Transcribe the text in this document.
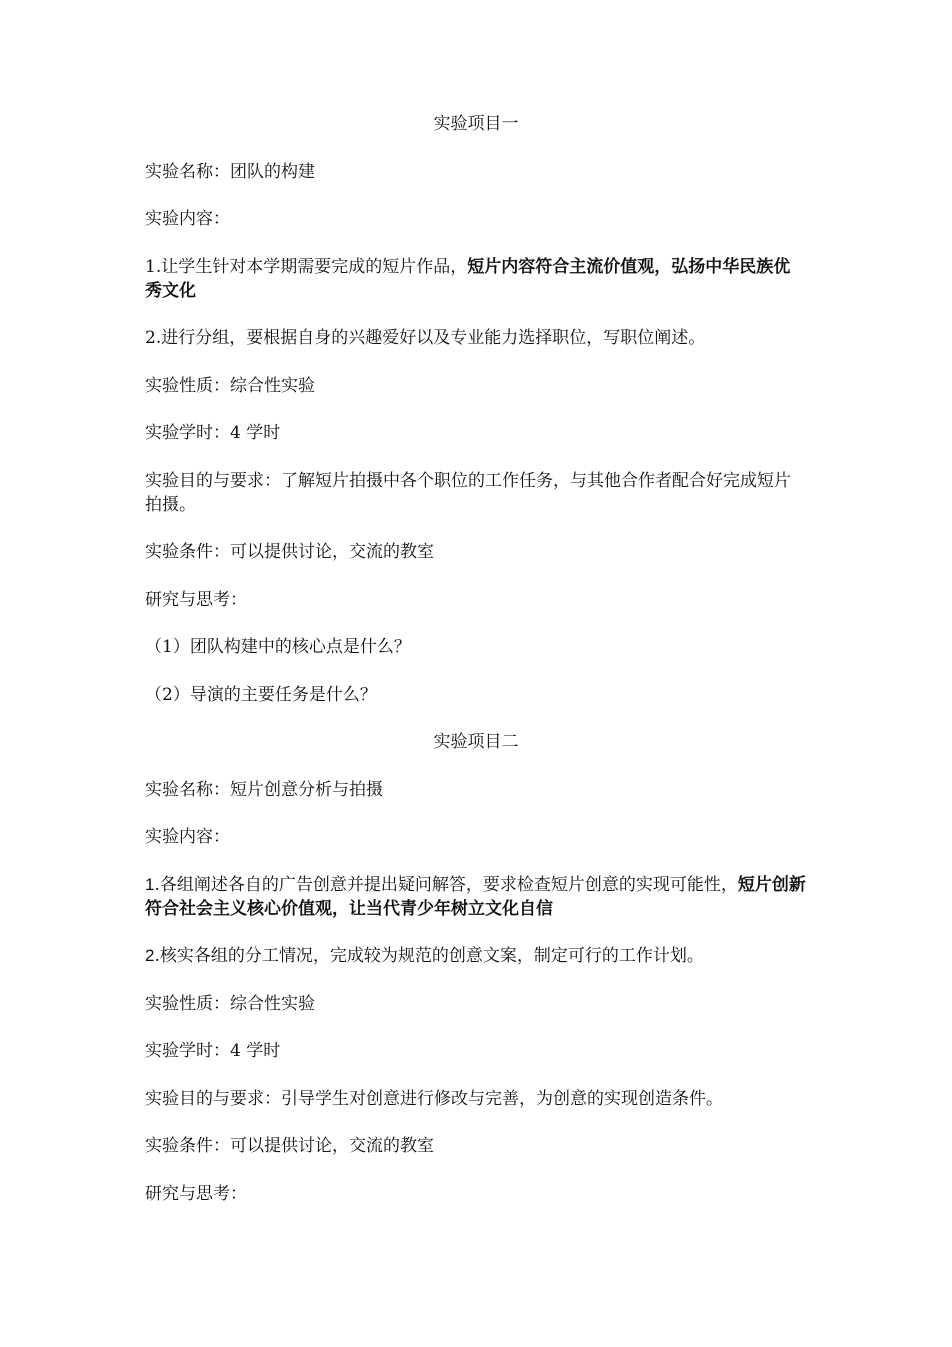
实验项目一
实验名称：团队的构建
实验内容：
1.让学生针对本学期需要完成的短片作品，短片内容符合主流价值观，弘扬中华民族优秀文化
2.进行分组，要根据自身的兴趣爱好以及专业能力选择职位，写职位阐述。
实验性质：综合性实验
实验学时：4 学时
实验目的与要求：了解短片拍摄中各个职位的工作任务，与其他合作者配合好完成短片拍摄。
实验条件：可以提供讨论，交流的教室
研究与思考：
（1）团队构建中的核心点是什么？
（2）导演的主要任务是什么？
实验项目二
实验名称：短片创意分析与拍摄
实验内容：
1.各组阐述各自的广告创意并提出疑问解答，要求检查短片创意的实现可能性，短片创新符合社会主义核心价值观，让当代青少年树立文化自信
2.核实各组的分工情况，完成较为规范的创意文案，制定可行的工作计划。
实验性质：综合性实验
实验学时：4 学时
实验目的与要求：引导学生对创意进行修改与完善，为创意的实现创造条件。
实验条件：可以提供讨论，交流的教室
研究与思考：
